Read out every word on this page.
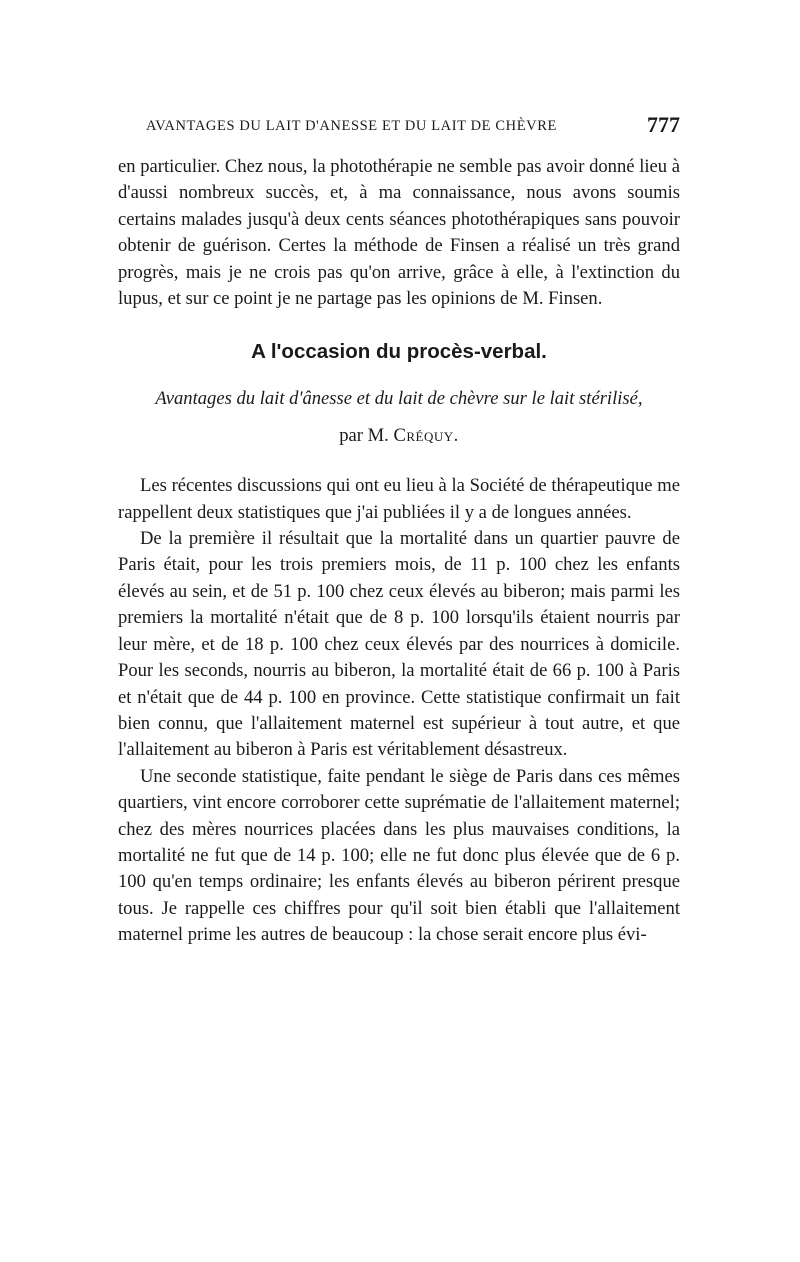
AVANTAGES DU LAIT D'ANESSE ET DU LAIT DE CHÈVRE	777

en particulier. Chez nous, la photothérapie ne semble pas avoir donné lieu à d'aussi nombreux succès, et, à ma connaissance, nous avons soumis certains malades jusqu'à deux cents séances photothérapiques sans pouvoir obtenir de guérison. Certes la méthode de Finsen a réalisé un très grand progrès, mais je ne crois pas qu'on arrive, grâce à elle, à l'extinction du lupus, et sur ce point je ne partage pas les opinions de M. Finsen.

A l'occasion du procès-verbal.

Avantages du lait d'ânesse et du lait de chèvre sur le lait stérilisé,

par M. Créquy.

Les récentes discussions qui ont eu lieu à la Société de thérapeutique me rappellent deux statistiques que j'ai publiées il y a de longues années.

De la première il résultait que la mortalité dans un quartier pauvre de Paris était, pour les trois premiers mois, de 11 p. 100 chez les enfants élevés au sein, et de 51 p. 100 chez ceux élevés au biberon; mais parmi les premiers la mortalité n'était que de 8 p. 100 lorsqu'ils étaient nourris par leur mère, et de 18 p. 100 chez ceux élevés par des nourrices à domicile. Pour les seconds, nourris au biberon, la mortalité était de 66 p. 100 à Paris et n'était que de 44 p. 100 en province. Cette statistique confirmait un fait bien connu, que l'allaitement maternel est supérieur à tout autre, et que l'allaitement au biberon à Paris est véritablement désastreux.

Une seconde statistique, faite pendant le siège de Paris dans ces mêmes quartiers, vint encore corroborer cette suprématie de l'allaitement maternel; chez des mères nourrices placées dans les plus mauvaises conditions, la mortalité ne fut que de 14 p. 100; elle ne fut donc plus élevée que de 6 p. 100 qu'en temps ordinaire; les enfants élevés au biberon périrent presque tous. Je rappelle ces chiffres pour qu'il soit bien établi que l'allaitement maternel prime les autres de beaucoup : la chose serait encore plus évi-
